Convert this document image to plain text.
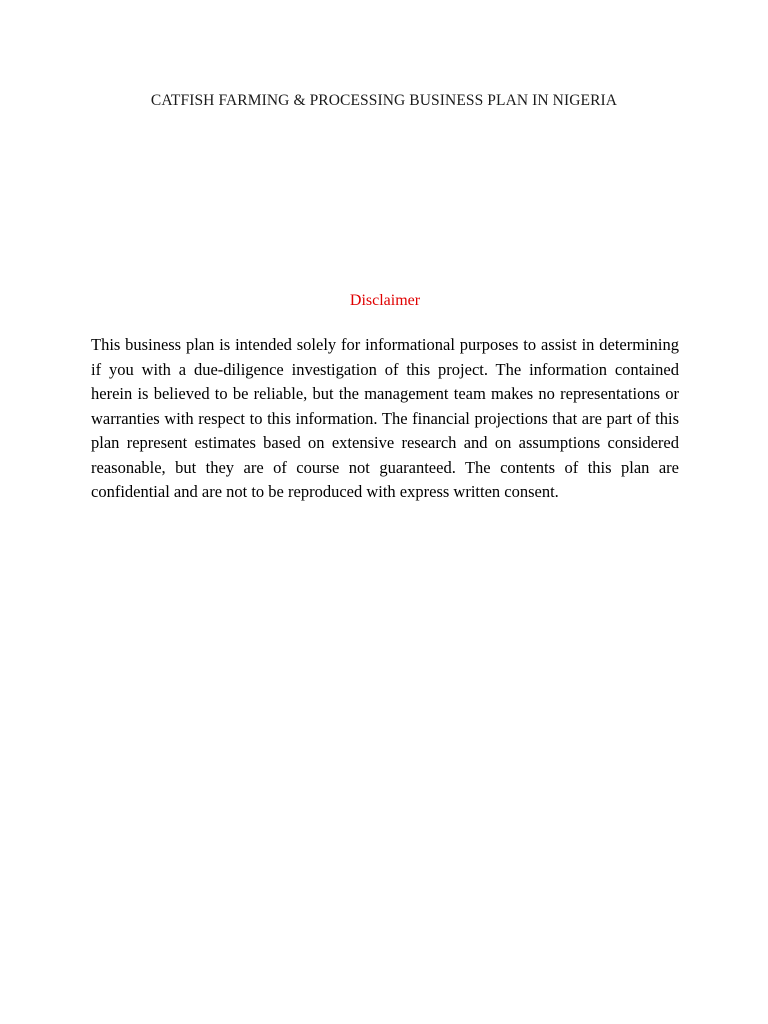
CATFISH FARMING & PROCESSING BUSINESS PLAN IN NIGERIA
Disclaimer

This business plan is intended solely for informational purposes to assist in determining if you with a due-diligence investigation of this project. The information contained herein is believed to be reliable, but the management team makes no representations or warranties with respect to this information. The financial projections that are part of this plan represent estimates based on extensive research and on assumptions considered reasonable, but they are of course not guaranteed. The contents of this plan are confidential and are not to be reproduced with express written consent.
